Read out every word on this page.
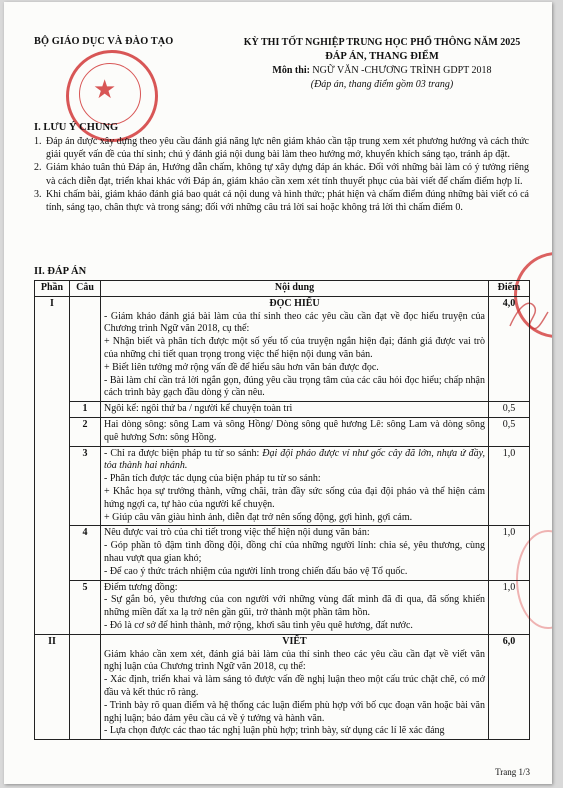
★
BỘ GIÁO DỤC VÀ ĐÀO TẠO	KỲ THI TỐT NGHIỆP TRUNG HỌC PHỔ THÔNG NĂM 2025
ĐÁP ÁN, THANG ĐIỂM
Môn thi: NGỮ VĂN -CHƯƠNG TRÌNH GDPT 2018
(Đáp án, thang điểm gồm 03 trang)
I. LƯU Ý CHUNG
1. Đáp án được xây dựng theo yêu cầu đánh giá năng lực nên giám khảo cần tập trung xem xét phương hướng và cách thức giải quyết vấn đề của thí sinh; chú ý đánh giá nội dung bài làm theo hướng mở, khuyến khích sáng tạo, tránh áp đặt.
2. Giám khảo tuân thủ Đáp án, Hướng dẫn chấm, không tự xây dựng đáp án khác. Đối với những bài làm có ý tưởng riêng và cách diễn đạt, triển khai khác với Đáp án, giám khảo cần xem xét tính thuyết phục của bài viết để chấm điểm hợp lí.
3. Khi chấm bài, giám khảo đánh giá bao quát cả nội dung và hình thức; phát hiện và chấm điểm đúng những bài viết có cá tính, sáng tạo, chân thực và trong sáng; đối với những câu trả lời sai hoặc không trả lời thì chấm điểm 0.
II. ĐÁP ÁN
Phần	Câu	Nội dung	Điểm
I		ĐỌC HIỂU
- Giám khảo đánh giá bài làm của thí sinh theo các yêu cầu cần đạt về đọc hiểu truyện của Chương trình Ngữ văn 2018, cụ thể:
+ Nhận biết và phân tích được một số yếu tố của truyện ngắn hiện đại; đánh giá được vai trò của những chi tiết quan trọng trong việc thể hiện nội dung văn bản.
+ Biết liên tưởng mở rộng vấn đề để hiểu sâu hơn văn bản được đọc.
- Bài làm chỉ cần trả lời ngắn gọn, đúng yêu cầu trọng tâm của các câu hỏi đọc hiểu; chấp nhận cách trình bày gạch đầu dòng ý cần nêu.	4,0
	1	Ngôi kể: ngôi thứ ba / người kể chuyện toàn tri	0,5
	2	Hai dòng sông: sông Lam và sông Hồng/ Dòng sông quê hương Lê: sông Lam và dòng sông quê hương Sơn: sông Hồng.	0,5
	3	- Chỉ ra được biện pháp tu từ so sánh: Đại đội pháo được ví như gốc cây đã lớn, nhựa ứ đầy, tỏa thành hai nhánh.
- Phân tích được tác dụng của biện pháp tu từ so sánh:
+ Khắc họa sự trưởng thành, vững chãi, tràn đầy sức sống của đại đội pháo và thể hiện cảm hứng ngợi ca, tự hào của người kể chuyện.
+ Giúp câu văn giàu hình ảnh, diễn đạt trở nên sống động, gợi hình, gợi cảm.	1,0
	4	Nêu được vai trò của chi tiết trong việc thể hiện nội dung văn bản:
- Góp phần tô đậm tình đồng đội, đồng chí của những người lính: chia sẻ, yêu thương, cùng nhau vượt qua gian khó;
- Để cao ý thức trách nhiệm của người lính trong chiến đấu bảo vệ Tổ quốc.	1,0
	5	Điểm tương đồng:
- Sự gắn bó, yêu thương của con người với những vùng đất mình đã đi qua, đã sống khiến những miền đất xa lạ trở nên gần gũi, trở thành một phần tâm hồn.
- Đó là cơ sở để hình thành, mở rộng, khơi sâu tình yêu quê hương, đất nước.	1,0
II		VIẾT
Giám khảo cần xem xét, đánh giá bài làm của thí sinh theo các yêu cầu cần đạt về viết văn nghị luận của Chương trình Ngữ văn 2018, cụ thể:
- Xác định, triển khai và làm sáng tỏ được vấn đề nghị luận theo một cấu trúc chặt chẽ, có mở đầu và kết thúc rõ ràng.
- Trình bày rõ quan điểm và hệ thống các luận điểm phù hợp với bố cục đoạn văn hoặc bài văn nghị luận; bảo đảm yêu cầu cả về ý tưởng và hành văn.
- Lựa chọn được các thao tác nghị luận phù hợp; trình bày, sử dụng các lí lẽ xác đáng	6,0
Trang 1/3
